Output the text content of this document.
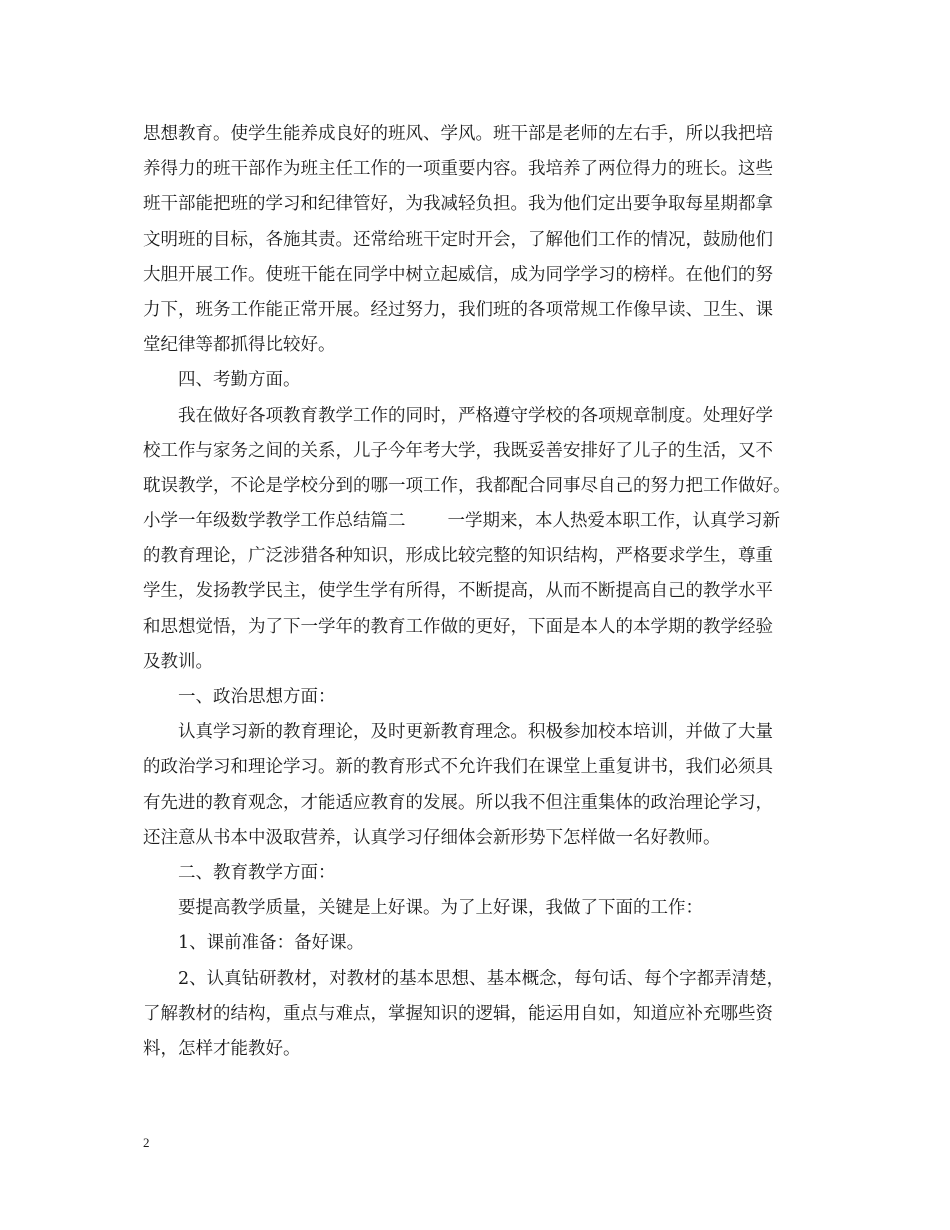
思想教育。使学生能养成良好的班风、学风。班干部是老师的左右手，所以我把培
养得力的班干部作为班主任工作的一项重要内容。我培养了两位得力的班长。这些
班干部能把班的学习和纪律管好，为我减轻负担。我为他们定出要争取每星期都拿
文明班的目标，各施其责。还常给班干定时开会，了解他们工作的情况，鼓励他们
大胆开展工作。使班干能在同学中树立起威信，成为同学学习的榜样。在他们的努
力下，班务工作能正常开展。经过努力，我们班的各项常规工作像早读、卫生、课
堂纪律等都抓得比较好。
　　四、考勤方面。
　　我在做好各项教育教学工作的同时，严格遵守学校的各项规章制度。处理好学
校工作与家务之间的关系，儿子今年考大学，我既妥善安排好了儿子的生活，又不
耽误教学，不论是学校分到的哪一项工作，我都配合同事尽自己的努力把工作做好。
小学一年级数学教学工作总结篇二 一学期来，本人热爱本职工作，认真学习新
的教育理论，广泛涉猎各种知识，形成比较完整的知识结构，严格要求学生，尊重
学生，发扬教学民主，使学生学有所得，不断提高，从而不断提高自己的教学水平
和思想觉悟，为了下一学年的教育工作做的更好，下面是本人的本学期的教学经验
及教训。
　　一、政治思想方面：
　　认真学习新的教育理论，及时更新教育理念。积极参加校本培训，并做了大量
的政治学习和理论学习。新的教育形式不允许我们在课堂上重复讲书，我们必须具
有先进的教育观念，才能适应教育的发展。所以我不但注重集体的政治理论学习，
还注意从书本中汲取营养，认真学习仔细体会新形势下怎样做一名好教师。
　　二、教育教学方面：
　　要提高教学质量，关键是上好课。为了上好课，我做了下面的工作：
　　1、课前准备：备好课。
　　2、认真钻研教材，对教材的基本思想、基本概念，每句话、每个字都弄清楚，
了解教材的结构，重点与难点，掌握知识的逻辑，能运用自如，知道应补充哪些资
料，怎样才能教好。
2
